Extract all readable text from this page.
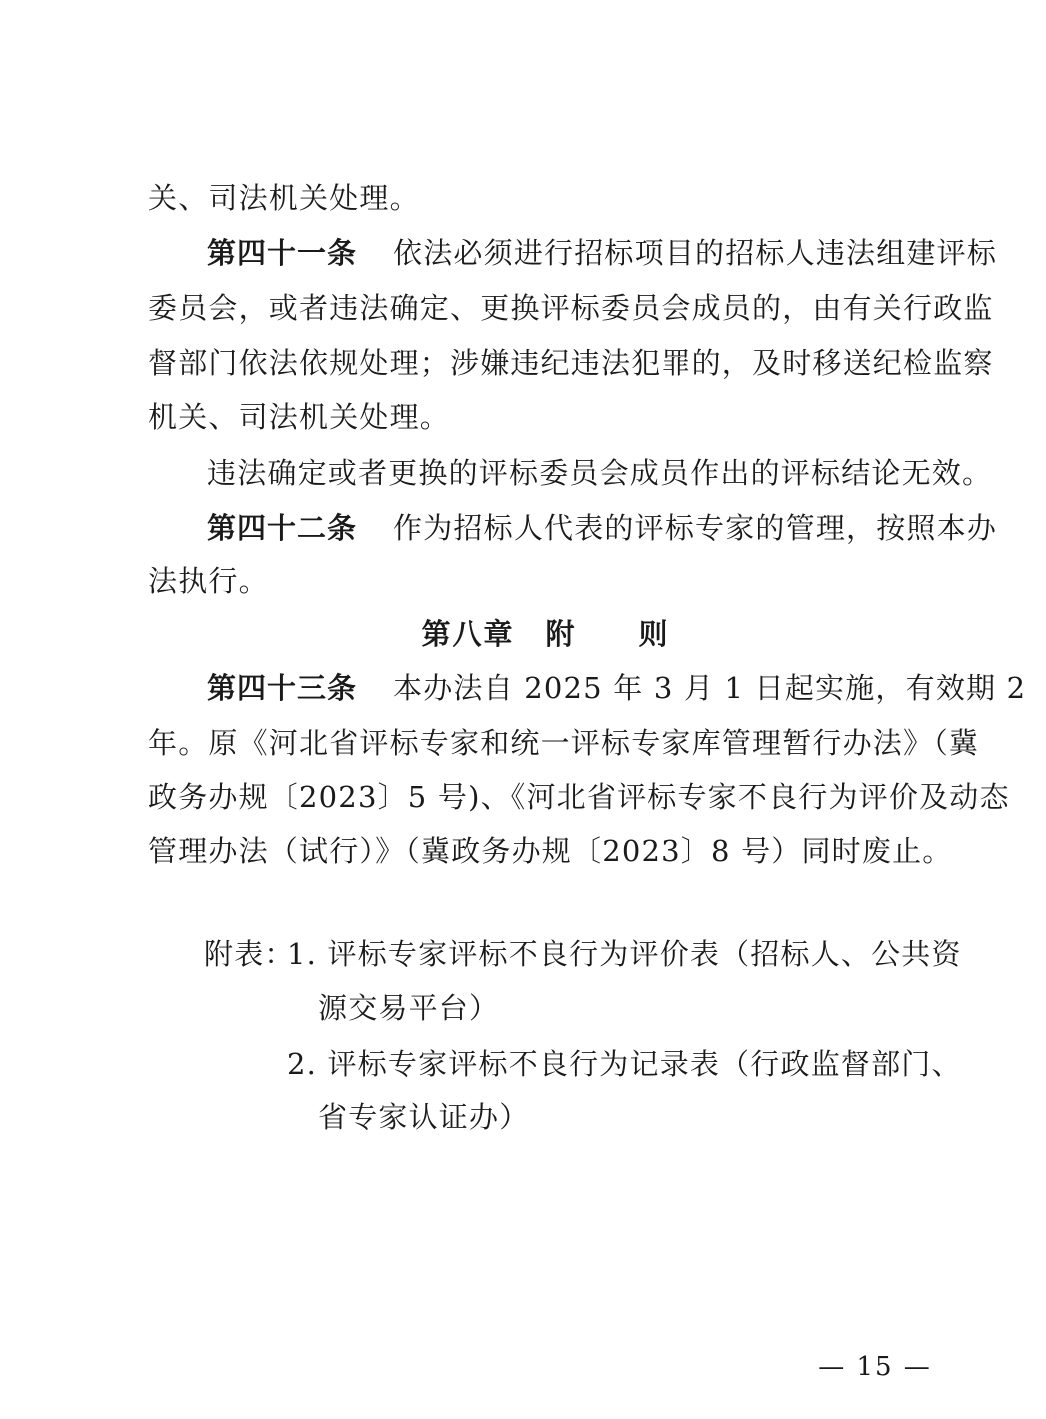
关、司法机关处理。
第四十一条 依法必须进行招标项目的招标人违法组建评标
委员会，或者违法确定、更换评标委员会成员的，由有关行政监
督部门依法依规处理；涉嫌违纪违法犯罪的，及时移送纪检监察
机关、司法机关处理。
违法确定或者更换的评标委员会成员作出的评标结论无效。
第四十二条 作为招标人代表的评标专家的管理，按照本办
法执行。
第八章　附　　则
第四十三条 本办法自 2025 年 3 月 1 日起实施，有效期 2
年。原《河北省评标专家和统一评标专家库管理暂行办法》（冀
政务办规〔2023〕5 号)、《河北省评标专家不良行为评价及动态
管理办法（试行）》（冀政务办规〔2023〕8 号）同时废止。
附表：
1. 评标专家评标不良行为评价表（招标人、公共资
源交易平台）
2. 评标专家评标不良行为记录表（行政监督部门、
省专家认证办）
— 15 —
